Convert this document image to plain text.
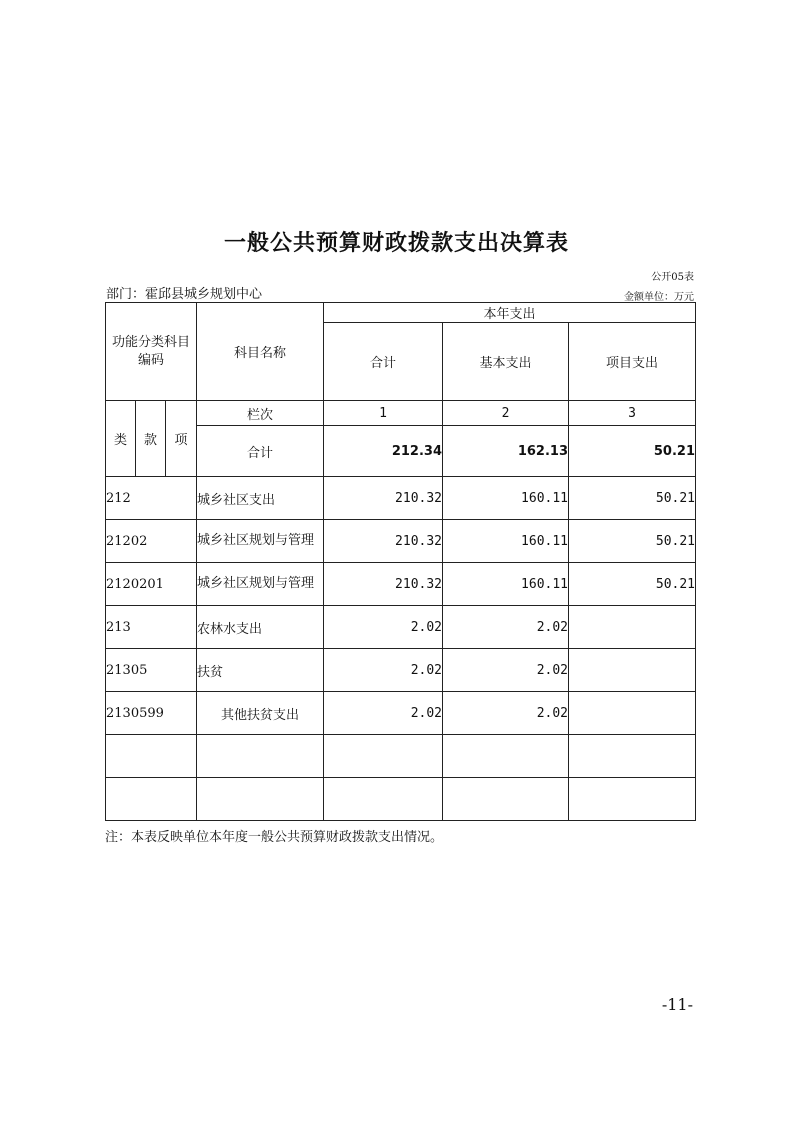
一般公共预算财政拨款支出决算表
公开05表
部门：霍邱县城乡规划中心	金额单位：万元
功能分类科目编码			科目名称	本年支出		
				合计	基本支出	项目支出
类	款	项	栏次	1	2	3
			合计	212.34	162.13	50.21
212			城乡社区支出	210.32	160.11	50.21
21202			城乡社区规划与管理	210.32	160.11	50.21
2120201			城乡社区规划与管理	210.32	160.11	50.21
213			农林水支出	2.02	2.02	
21305			扶贫	2.02	2.02	
2130599			其他扶贫支出	2.02	2.02	

注：本表反映单位本年度一般公共预算财政拨款支出情况。
-11-
